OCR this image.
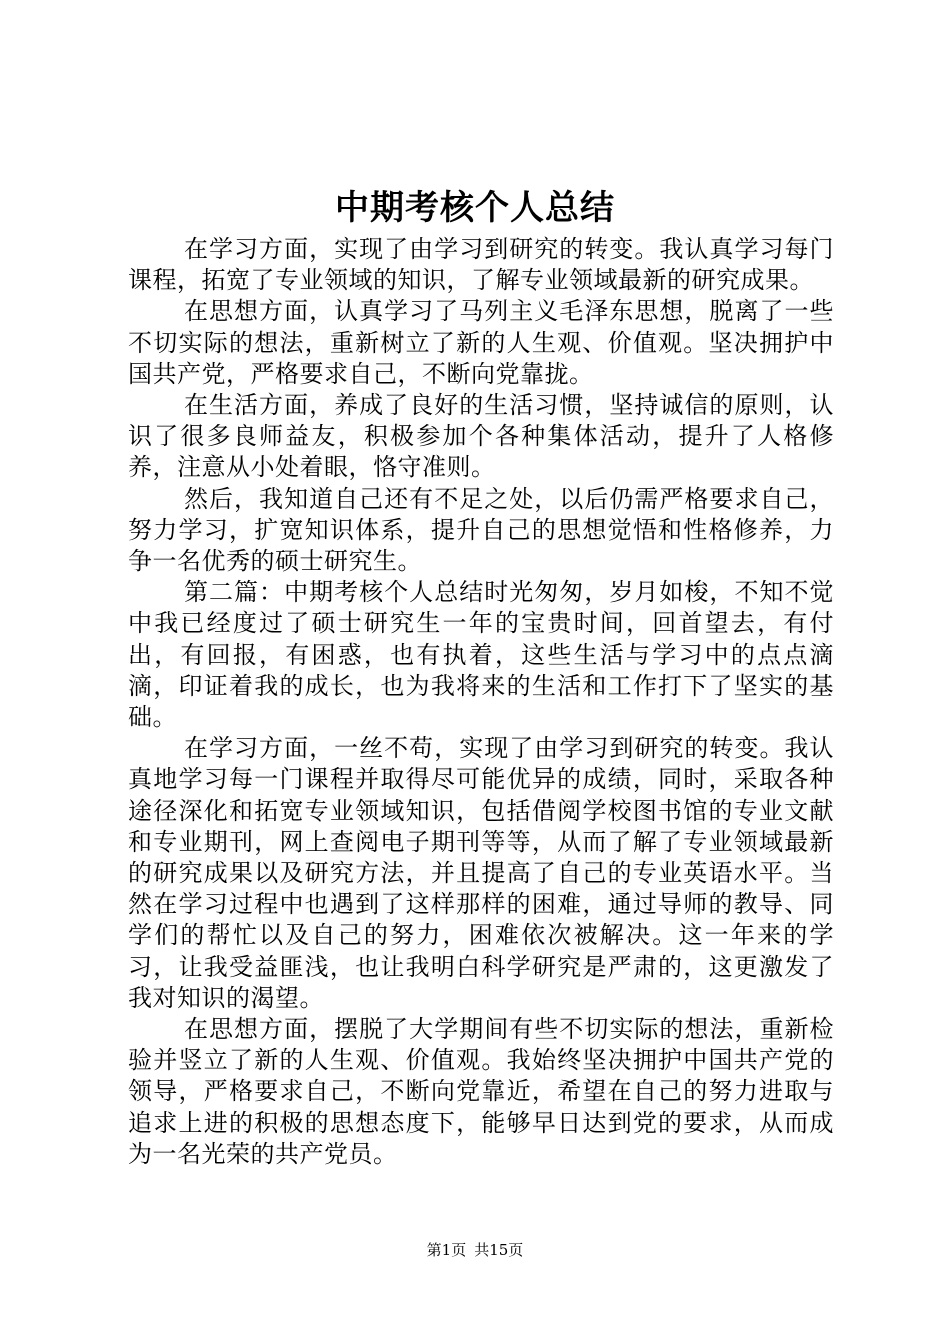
中期考核个人总结

在学习方面，实现了由学习到研究的转变。我认真学习每门课程，拓宽了专业领域的知识，了解专业领域最新的研究成果。

在思想方面，认真学习了马列主义毛泽东思想，脱离了一些不切实际的想法，重新树立了新的人生观、价值观。坚决拥护中国共产党，严格要求自己，不断向党靠拢。

在生活方面，养成了良好的生活习惯，坚持诚信的原则，认识了很多良师益友，积极参加个各种集体活动，提升了人格修养，注意从小处着眼，恪守准则。

然后，我知道自己还有不足之处，以后仍需严格要求自己，努力学习，扩宽知识体系，提升自己的思想觉悟和性格修养，力争一名优秀的硕士研究生。

第二篇：中期考核个人总结时光匆匆，岁月如梭，不知不觉中我已经度过了硕士研究生一年的宝贵时间，回首望去，有付出，有回报，有困惑，也有执着，这些生活与学习中的点点滴滴，印证着我的成长，也为我将来的生活和工作打下了坚实的基础。

在学习方面，一丝不苟，实现了由学习到研究的转变。我认真地学习每一门课程并取得尽可能优异的成绩，同时，采取各种途径深化和拓宽专业领域知识，包括借阅学校图书馆的专业文献和专业期刊，网上查阅电子期刊等等，从而了解了专业领域最新的研究成果以及研究方法，并且提高了自己的专业英语水平。当然在学习过程中也遇到了这样那样的困难，通过导师的教导、同学们的帮忙以及自己的努力，困难依次被解决。这一年来的学习，让我受益匪浅，也让我明白科学研究是严肃的，这更激发了我对知识的渴望。

在思想方面，摆脱了大学期间有些不切实际的想法，重新检验并竖立了新的人生观、价值观。我始终坚决拥护中国共产党的领导，严格要求自己，不断向党靠近，希望在自己的努力进取与追求上进的积极的思想态度下，能够早日达到党的要求，从而成为一名光荣的共产党员。

第1页 共15页
